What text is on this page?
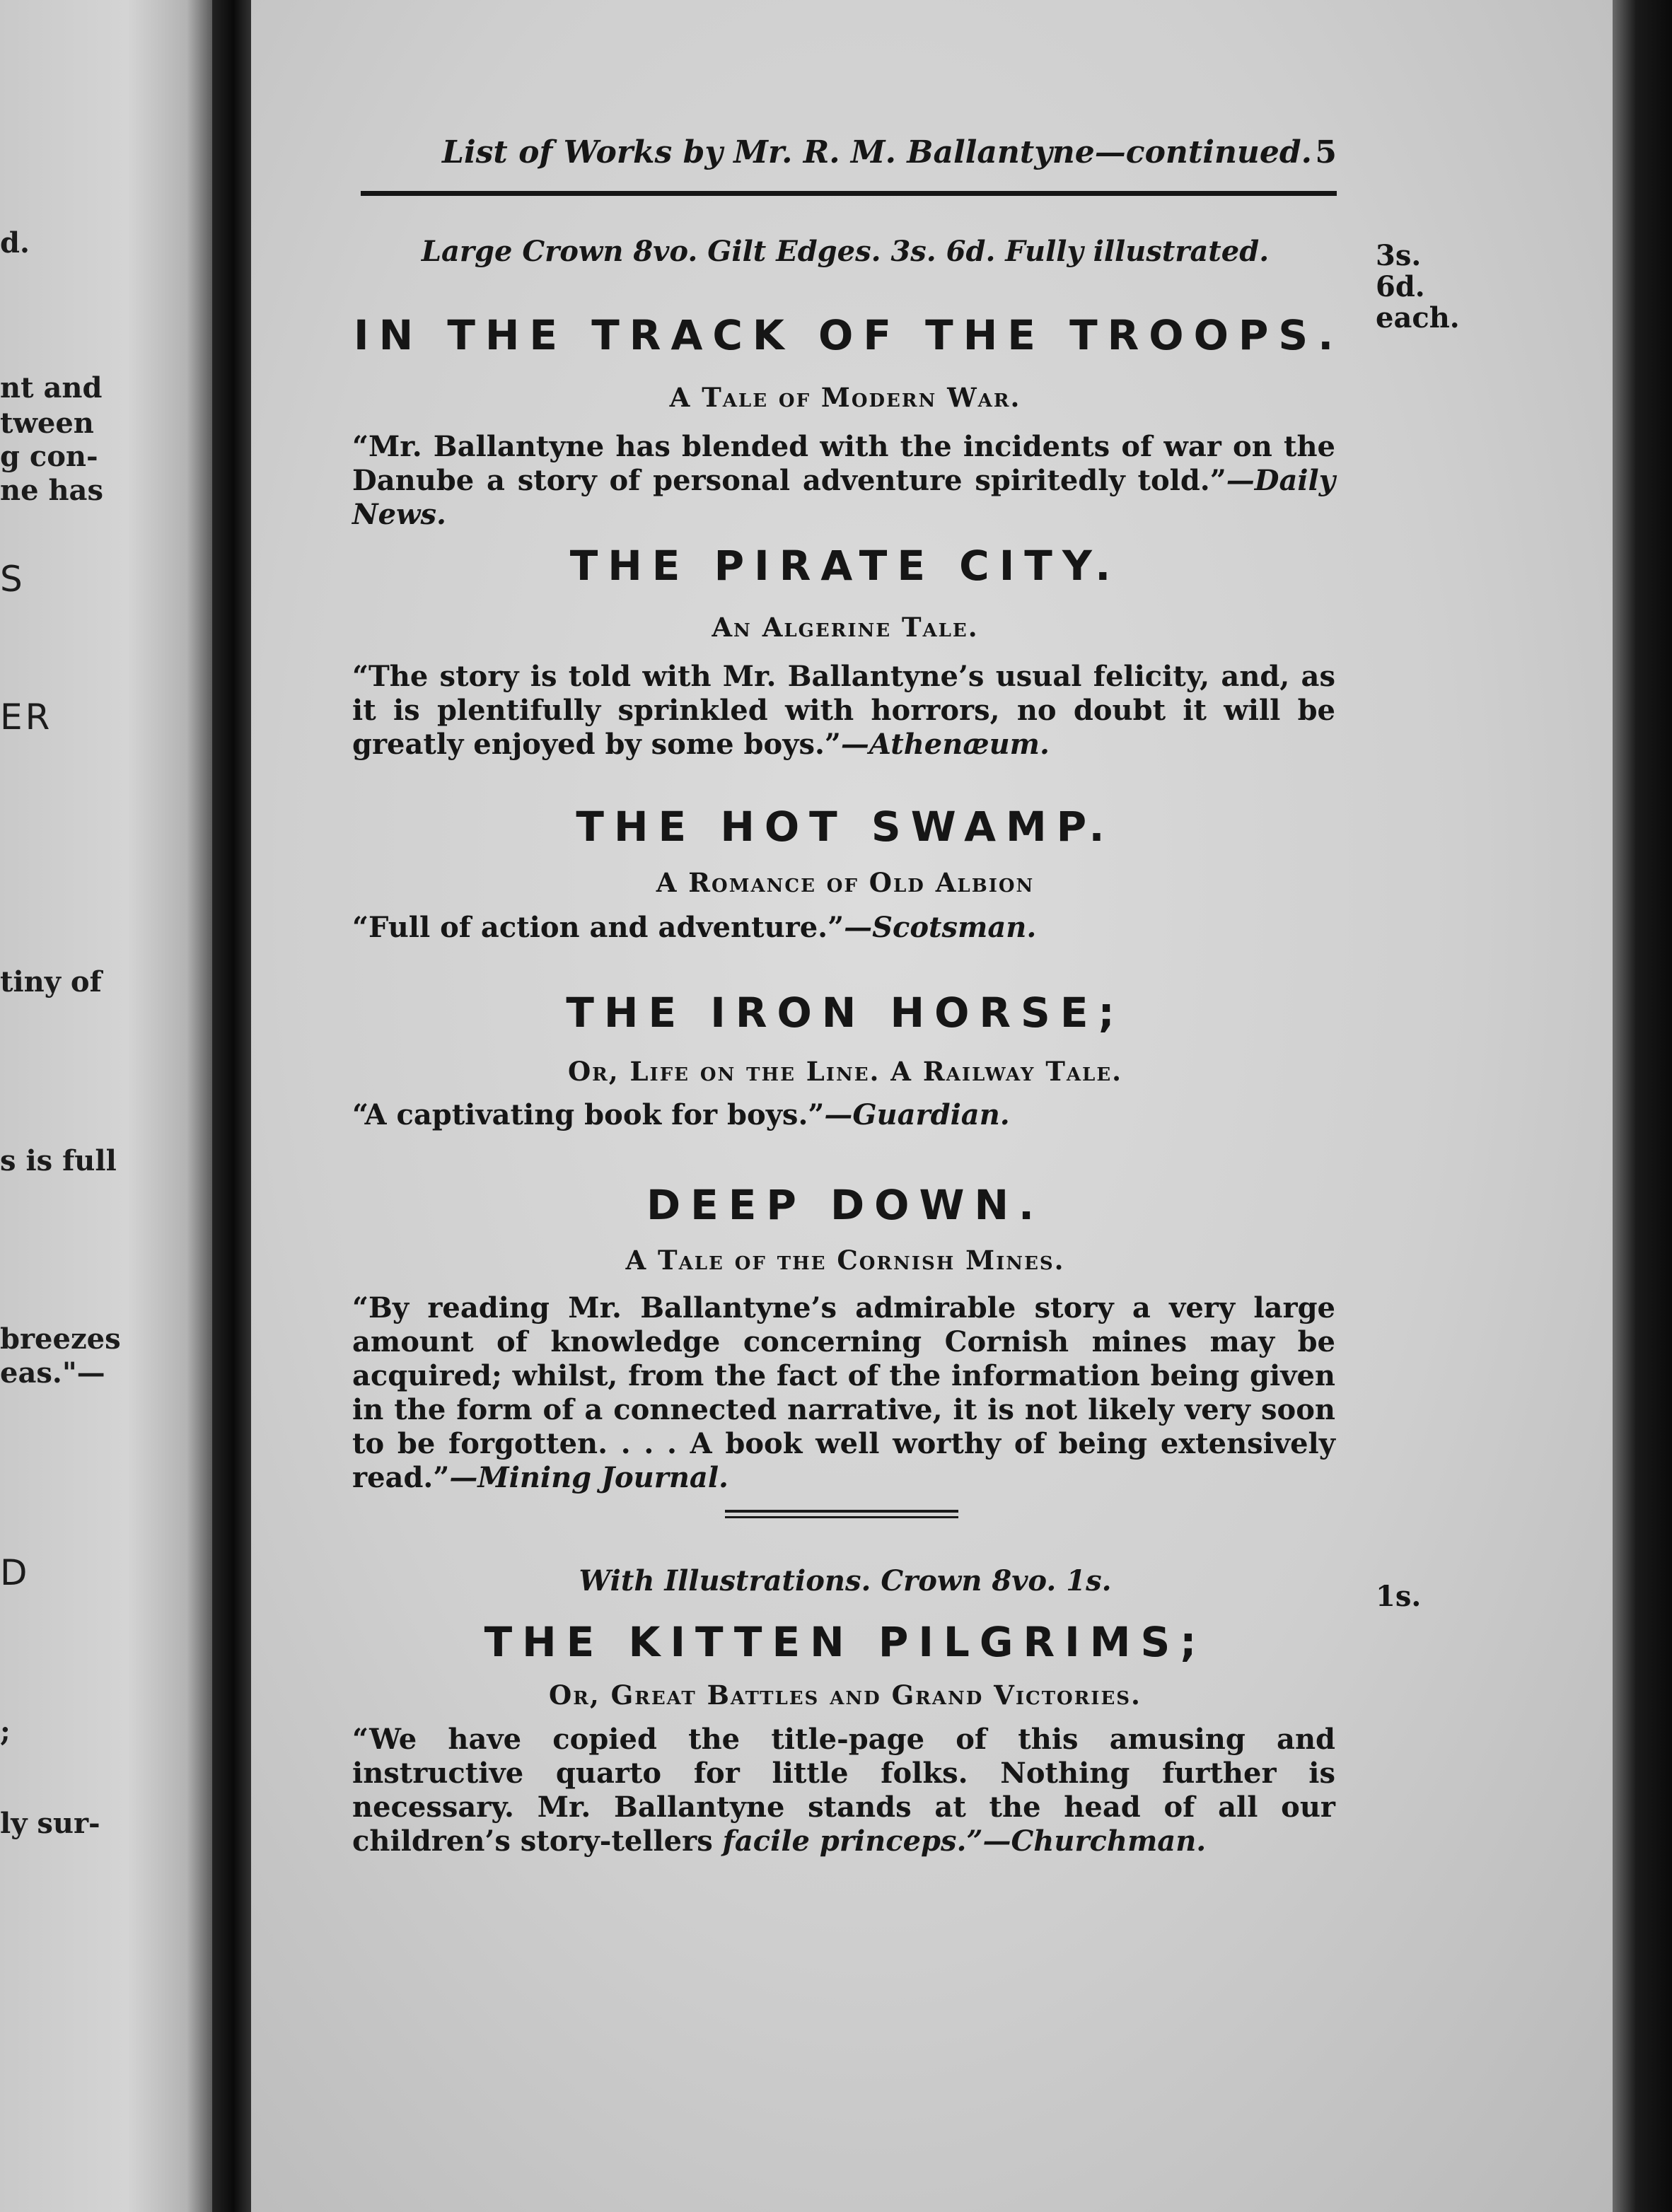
d.
nt and
tween
g con-
ne has
S
ER
tiny of
s is full
breezes
eas."—
D
;
ly sur-
List of Works by Mr. R. M. Ballantyne—continued. 5
Large Crown 8vo. Gilt Edges. 3s. 6d. Fully illustrated.	3s. 6d. each.
IN THE TRACK OF THE TROOPS.
A Tale of Modern War.
“Mr. Ballantyne has blended with the incidents of war on the Danube a story of personal adventure spiritedly told.”—Daily News.
THE PIRATE CITY.
An Algerine Tale.
“The story is told with Mr. Ballantyne’s usual felicity, and, as it is plentifully sprinkled with horrors, no doubt it will be greatly enjoyed by some boys.”—Athenæum.
THE HOT SWAMP.
A Romance of Old Albion
“Full of action and adventure.”—Scotsman.
THE IRON HORSE;
Or, Life on the Line. A Railway Tale.
“A captivating book for boys.”—Guardian.
DEEP DOWN.
A Tale of the Cornish Mines.
“By reading Mr. Ballantyne’s admirable story a very large amount of knowledge concerning Cornish mines may be acquired; whilst, from the fact of the information being given in the form of a connected narrative, it is not likely very soon to be forgotten. . . . A book well worthy of being extensively read.”—Mining Journal.
With Illustrations. Crown 8vo. 1s.	1s.
THE KITTEN PILGRIMS;
Or, Great Battles and Grand Victories.
“We have copied the title-page of this amusing and instructive quarto for little folks. Nothing further is necessary. Mr. Ballantyne stands at the head of all our children’s story-tellers facile princeps.”—Churchman.
